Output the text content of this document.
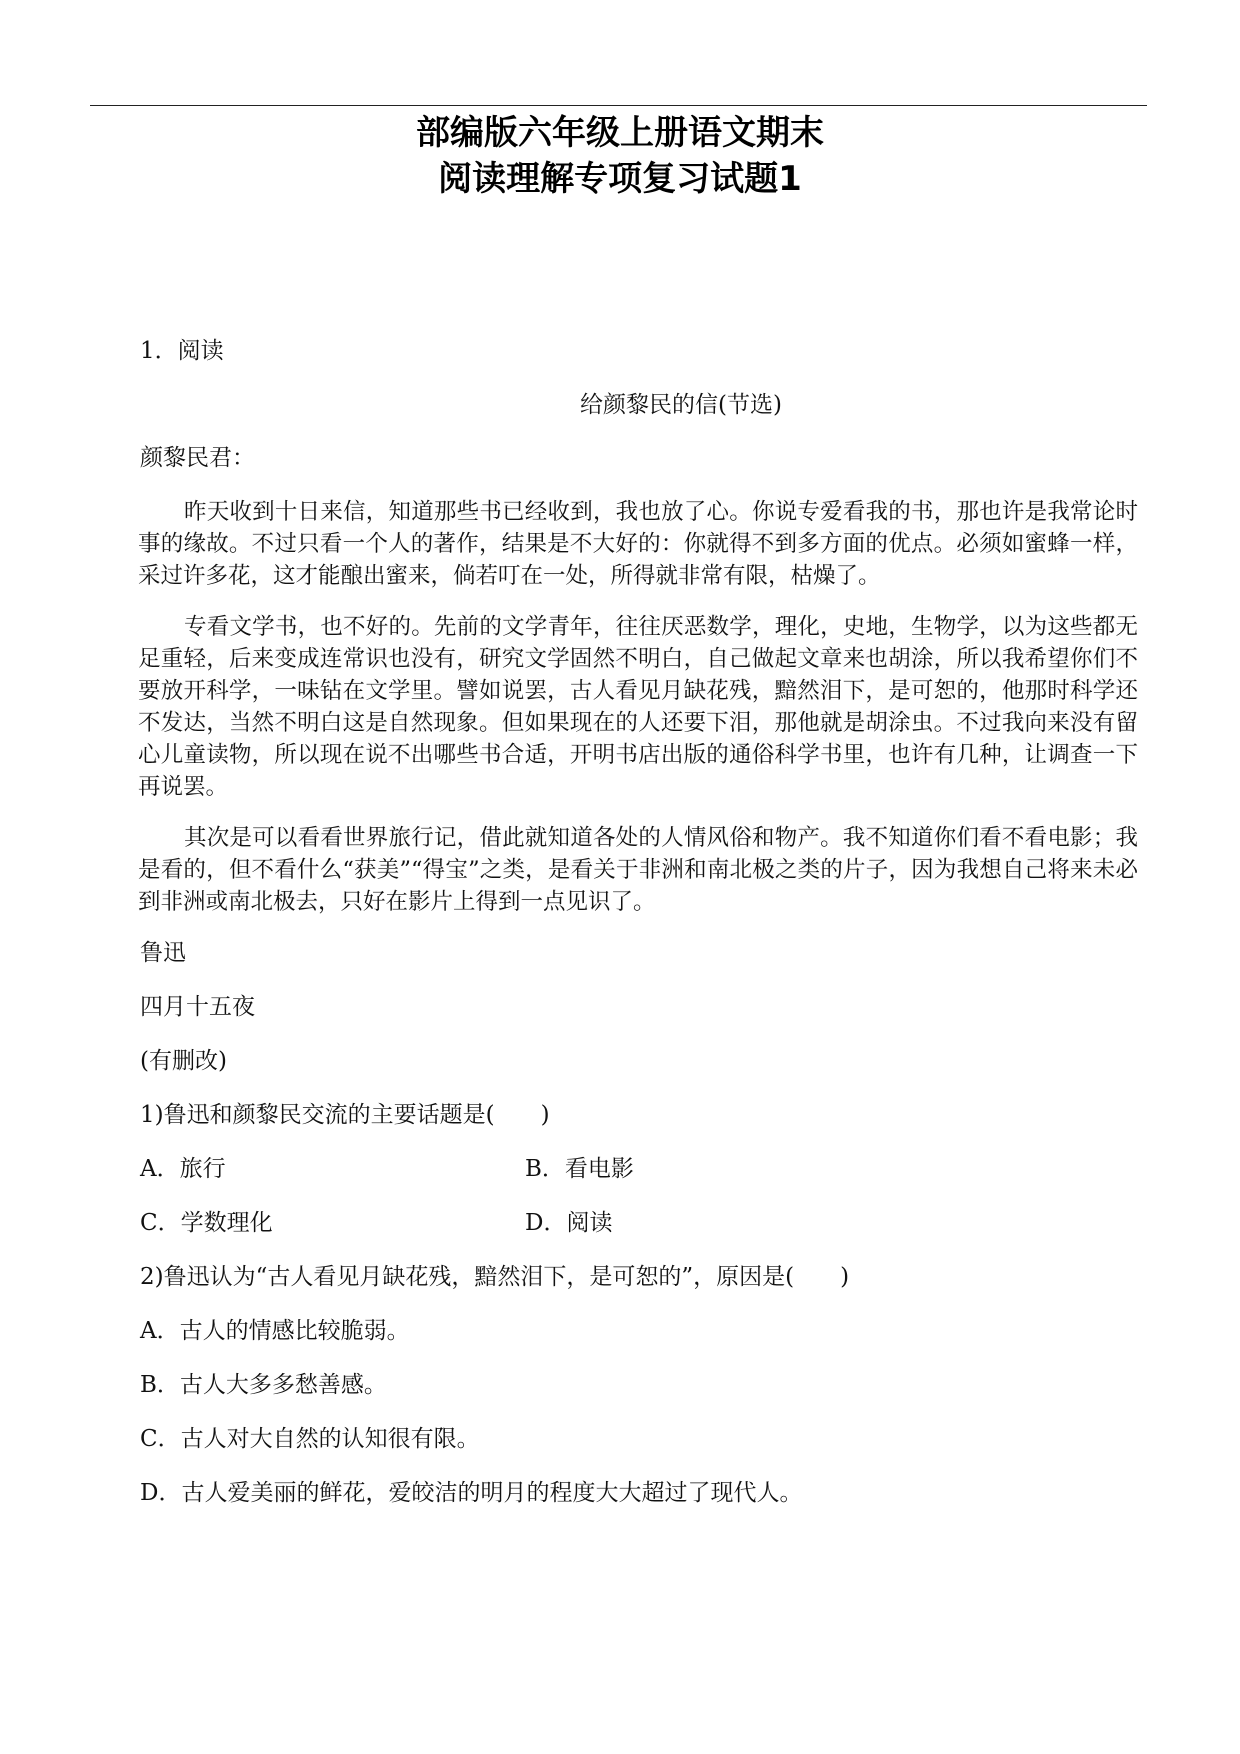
部编版六年级上册语文期末
阅读理解专项复习试题1
1．阅读
给颜黎民的信(节选)
颜黎民君：

昨天收到十日来信，知道那些书已经收到，我也放了心。你说专爱看我的书，那也许是我常论时事的缘故。不过只看一个人的著作，结果是不大好的：你就得不到多方面的优点。必须如蜜蜂一样，采过许多花，这才能酿出蜜来，倘若叮在一处，所得就非常有限，枯燥了。

专看文学书，也不好的。先前的文学青年，往往厌恶数学，理化，史地，生物学，以为这些都无足重轻，后来变成连常识也没有，研究文学固然不明白，自己做起文章来也胡涂，所以我希望你们不要放开科学，一味钻在文学里。譬如说罢，古人看见月缺花残，黯然泪下，是可恕的，他那时科学还不发达，当然不明白这是自然现象。但如果现在的人还要下泪，那他就是胡涂虫。不过我向来没有留心儿童读物，所以现在说不出哪些书合适，开明书店出版的通俗科学书里，也许有几种，让调查一下再说罢。

其次是可以看看世界旅行记，借此就知道各处的人情风俗和物产。我不知道你们看不看电影；我是看的，但不看什么“获美”“得宝”之类，是看关于非洲和南北极之类的片子，因为我想自己将来未必到非洲或南北极去，只好在影片上得到一点见识了。

鲁迅
四月十五夜
(有删改)
1)鲁迅和颜黎民交流的主要话题是(　　)
A．旅行	B．看电影
C．学数理化	D．阅读
2)鲁迅认为“古人看见月缺花残，黯然泪下，是可恕的”，原因是(　　)
A．古人的情感比较脆弱。
B．古人大多多愁善感。
C．古人对大自然的认知很有限。
D．古人爱美丽的鲜花，爱皎洁的明月的程度大大超过了现代人。
